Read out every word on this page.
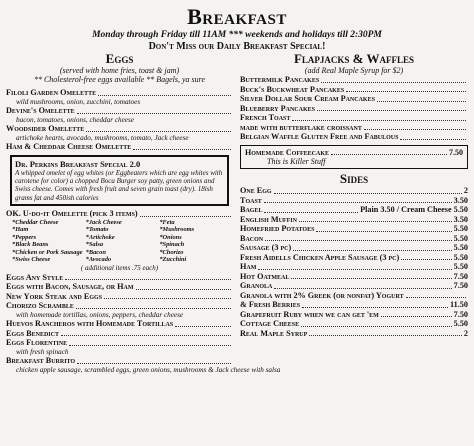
Breakfast
Monday through Friday till 11AM *** weekends and holidays till 2:30PM
Don't Miss our Daily Breakfast Special!
Eggs
(served with home fries, toast & jam)
** Cholesterol-free eggs available ** Bagels, ya sure
Filoli Garden Omelette
wild mushrooms, onion, zucchini, tomatoes
Devine's Omelette
bacon, tomatoes, onions, cheddar cheese
Woodsider Omelette
artichoke hearts, avocado, mushrooms, tomato, Jack cheese
Ham & Cheddar Cheese Omelette
Dr. Perkins Breakfast Special 2.0
A whipped omelet of egg whites (or Eggbeaters which are egg whites with carotene for color) a chopped Boca Burger soy patty, green onions and Swiss cheese. Comes with fresh fruit and seven grain toast (dry). 18ish grams fat and 450ish calories
OK. U-do-it Omelette (pick 3 items)
*Cheddar Cheese	*Jack Cheese	*Feta
*Ham	*Tomato	*Mushrooms
*Peppers	*Artichoke	*Onions
*Black Beans	*Salsa	*Spinach
*Chicken or Pork Sausage *Bacon	*Chorizo
*Swiss Cheese	*Avocado	*Zucchini
( additional items .75 each)
Eggs Any Style
Eggs with Bacon, Sausage, or Ham
New York Steak and Eggs
Chorizo Scramble
with homemade tortillas, onions, peppers, cheddar cheese
Huevos Rancheros with Homemade Tortillas
Eggs Benedict
Eggs Florentine
with fresh spinach
Breakfast Burrito
chicken apple sausage, scrambled eggs, green onions, mushrooms & Jack cheese with salsa
Flapjacks & Waffles
(add Real Maple Syrup for $2)
Buttermilk Pancakes
Buck's Buckwheat Pancakes
Silver Dollar Sour Cream Pancakes
Blueberry Pancakes
French Toast
made with butterflake croissant
Belgian Waffle Gluten Free and Fabulous
Homemade Coffeecake	7.50
This is Killer Stuff
Sides
One Egg	2
Toast	3.50
Bagel	Plain 3.50 / Cream Cheese 5.50
English Muffin	3.50
Homefried Potatoes	5.50
Bacon	5.50
Sausage (3 pc)	5.50
Fresh Aidells Chicken Apple Sausage (3 pc)	5.50
Ham	5.50
Hot Oatmeal	7.50
Granola	7.50
Granola with 2% Greek (or nonfat) Yogurt
& Fresh Berries	11.50
Grapefruit Ruby when we can get 'em	7.50
Cottage Cheese	5.50
Real Maple Syrup	2
